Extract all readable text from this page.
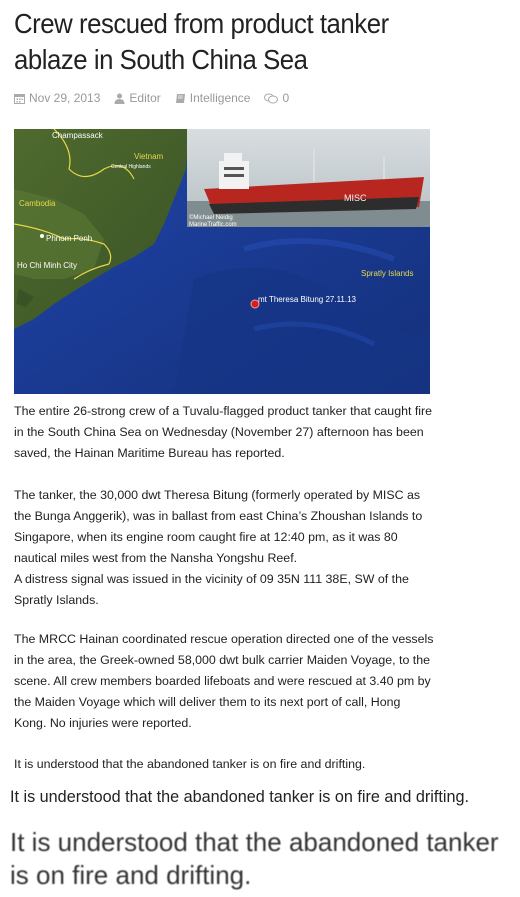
Crew rescued from product tanker ablaze in South China Sea
Nov 29, 2013 Editor Intelligence	0
MISC
©Michael Neidig
MarineTraffic.com
Champassack
Vietnam
Central Highlands
Cambodia
Phnom Penh
Ho Chi Minh City
Spratly Islands
mt Theresa Bitung 27.11.13
The entire 26-strong crew of a Tuvalu-flagged product tanker that caught fire in the South China Sea on Wednesday (November 27) afternoon has been saved, the Hainan Maritime Bureau has reported.
The tanker, the 30,000 dwt Theresa Bitung (formerly operated by MISC as the Bunga Anggerik), was in ballast from east China’s Zhoushan Islands to Singapore, when its engine room caught fire at 12:40 pm, as it was 80 nautical miles west from the Nansha Yongshu Reef.
A distress signal was issued in the vicinity of 09 35N 111 38E, SW of the Spratly Islands.
The MRCC Hainan coordinated rescue operation directed one of the vessels in the area, the Greek-owned 58,000 dwt bulk carrier Maiden Voyage, to the scene. All crew members boarded lifeboats and were rescued at 3.40 pm by the Maiden Voyage which will deliver them to its next port of call, Hong Kong. No injuries were reported.
It is understood that the abandoned tanker is on fire and drifting.
It is understood that the abandoned tanker is on fire and drifting.
It is understood that the abandoned tanker is on fire and drifting.
